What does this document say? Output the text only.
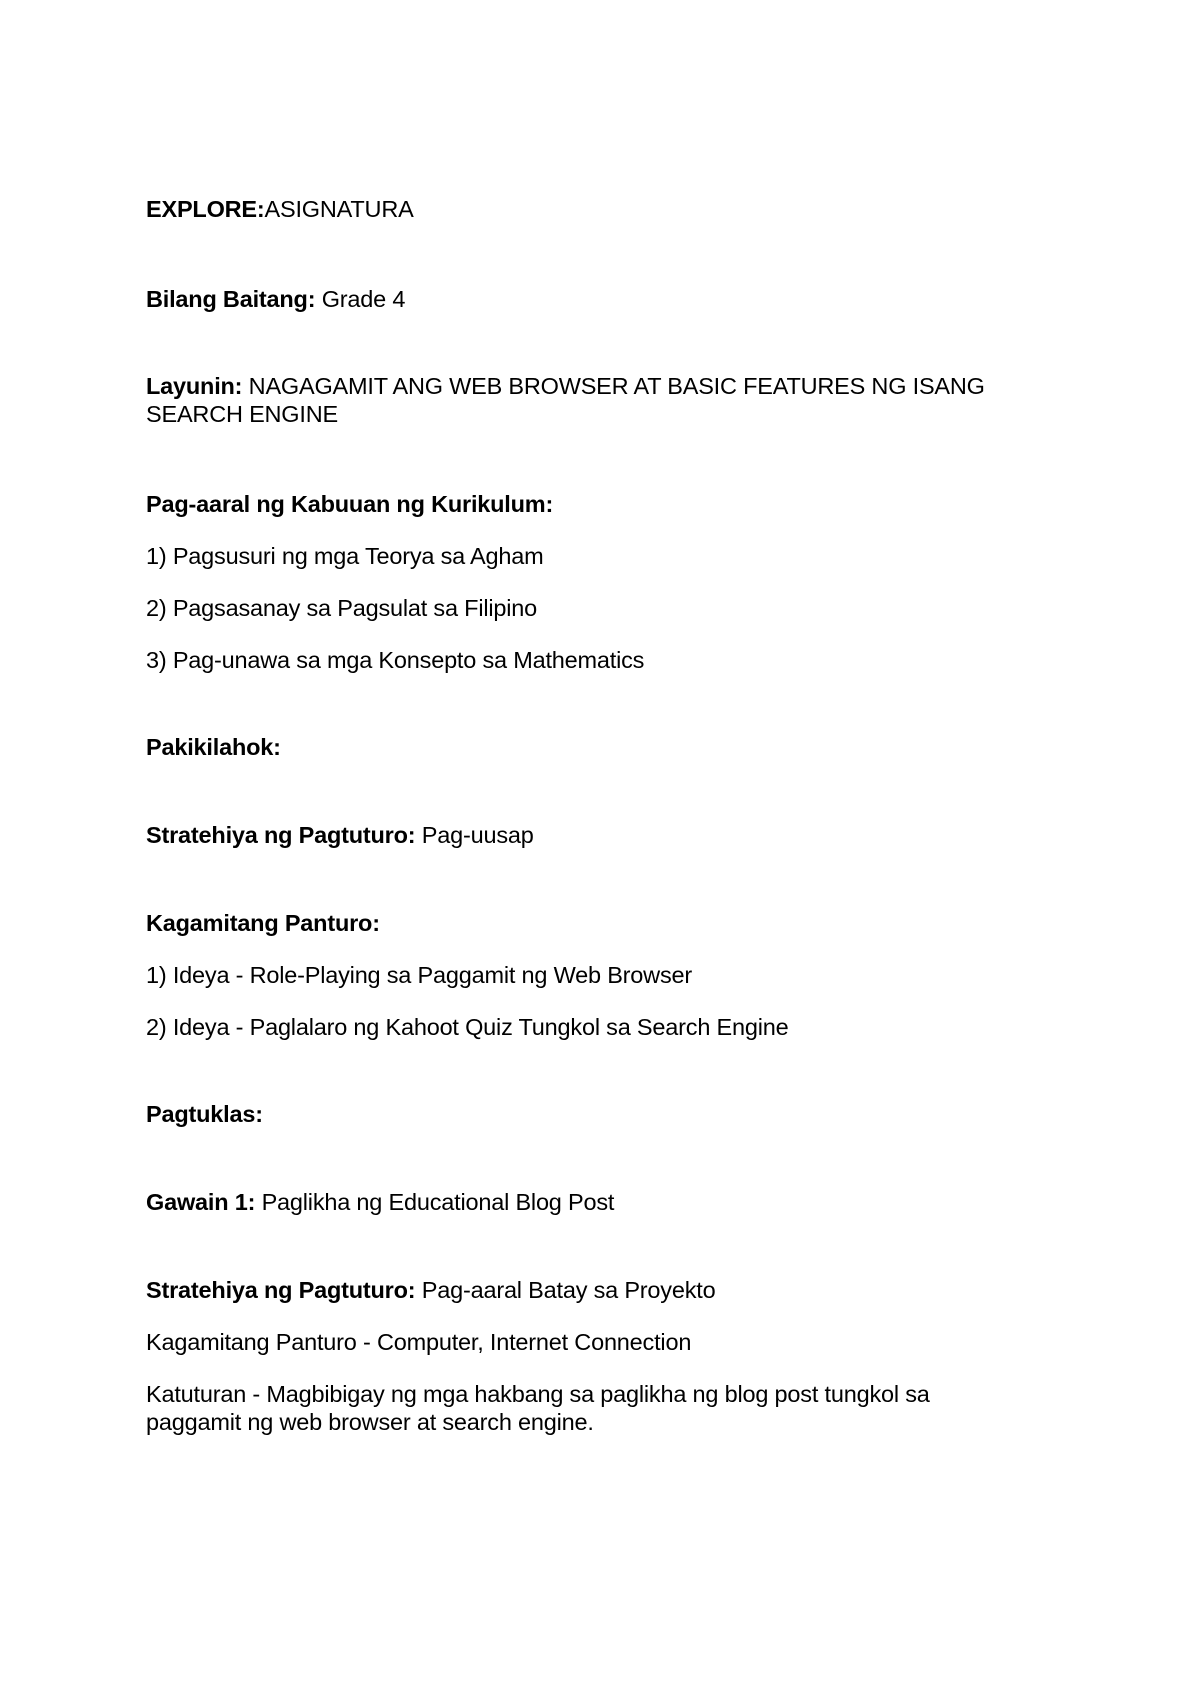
EXPLORE:ASIGNATURA
Bilang Baitang: Grade 4
Layunin: NAGAGAMIT ANG WEB BROWSER AT BASIC FEATURES NG ISANG
SEARCH ENGINE
Pag-aaral ng Kabuuan ng Kurikulum:
1) Pagsusuri ng mga Teorya sa Agham
2) Pagsasanay sa Pagsulat sa Filipino
3) Pag-unawa sa mga Konsepto sa Mathematics
Pakikilahok:
Stratehiya ng Pagtuturo: Pag-uusap
Kagamitang Panturo:
1) Ideya - Role-Playing sa Paggamit ng Web Browser
2) Ideya - Paglalaro ng Kahoot Quiz Tungkol sa Search Engine
Pagtuklas:
Gawain 1: Paglikha ng Educational Blog Post
Stratehiya ng Pagtuturo: Pag-aaral Batay sa Proyekto
Kagamitang Panturo - Computer, Internet Connection
Katuturan - Magbibigay ng mga hakbang sa paglikha ng blog post tungkol sa
paggamit ng web browser at search engine.
